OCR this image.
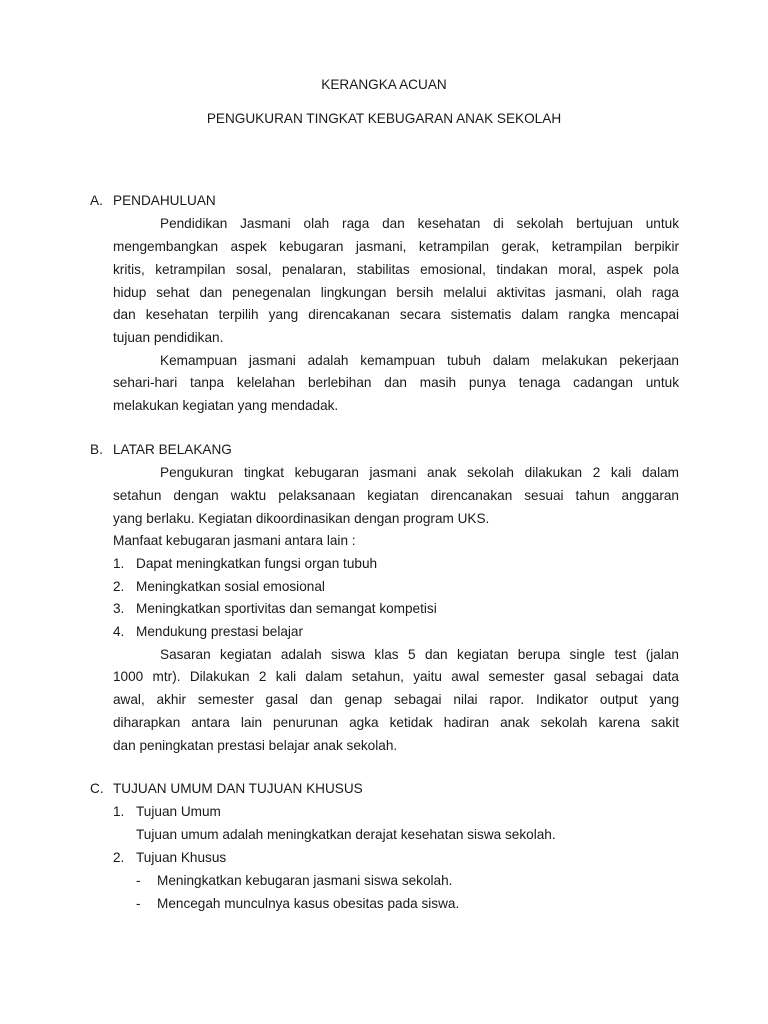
KERANGKA ACUAN
PENGUKURAN TINGKAT KEBUGARAN ANAK SEKOLAH
A. PENDAHULUAN
Pendidikan Jasmani olah raga dan kesehatan di sekolah bertujuan untuk
mengembangkan aspek kebugaran jasmani, ketrampilan gerak, ketrampilan berpikir
kritis, ketrampilan sosal, penalaran, stabilitas emosional, tindakan moral, aspek pola
hidup sehat dan penegenalan lingkungan bersih melalui aktivitas jasmani, olah raga
dan kesehatan terpilih yang direncakanan secara sistematis dalam rangka mencapai
tujuan pendidikan.
Kemampuan jasmani adalah kemampuan tubuh dalam melakukan pekerjaan
sehari-hari tanpa kelelahan berlebihan dan masih punya tenaga cadangan untuk
melakukan kegiatan yang mendadak.
B. LATAR BELAKANG
Pengukuran tingkat kebugaran jasmani anak sekolah dilakukan 2 kali dalam
setahun dengan waktu pelaksanaan kegiatan direncanakan sesuai tahun anggaran
yang berlaku. Kegiatan dikoordinasikan dengan program UKS.
Manfaat kebugaran jasmani antara lain :
1. Dapat meningkatkan fungsi organ tubuh
2. Meningkatkan sosial emosional
3. Meningkatkan sportivitas dan semangat kompetisi
4. Mendukung prestasi belajar
Sasaran kegiatan adalah siswa klas 5 dan kegiatan berupa single test (jalan
1000 mtr). Dilakukan 2 kali dalam setahun, yaitu awal semester gasal sebagai data
awal, akhir semester gasal dan genap sebagai nilai rapor. Indikator output yang
diharapkan antara lain penurunan agka ketidak hadiran anak sekolah karena sakit
dan peningkatan prestasi belajar anak sekolah.
C. TUJUAN UMUM DAN TUJUAN KHUSUS
1. Tujuan Umum
Tujuan umum adalah meningkatkan derajat kesehatan siswa sekolah.
2. Tujuan Khusus
- Meningkatkan kebugaran jasmani siswa sekolah.
- Mencegah munculnya kasus obesitas pada siswa.
